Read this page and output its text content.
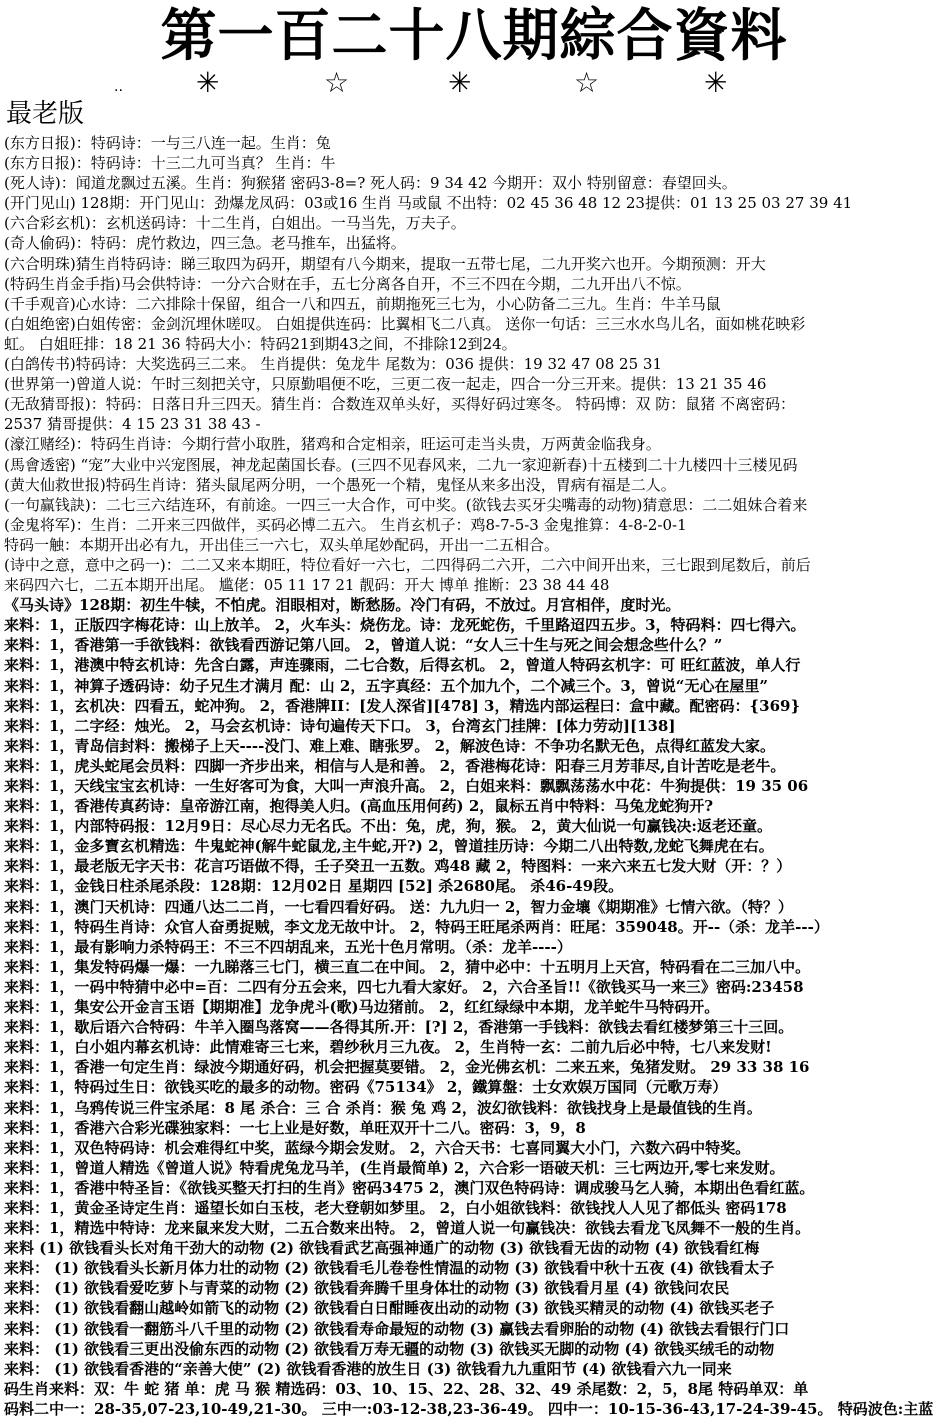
第一百二十八期綜合資料
..	✳	☆	✳	☆	✳
最老版
(东方日报)：特码诗：一与三八连一起。生肖：兔
(东方日报)：特码诗：十三二九可当真？ 生肖：牛
(死人诗)：闻道龙飘过五溪。生肖：狗猴猪 密码3-8=? 死人码：9 34 42 今期开：双小 特别留意：春望回头。
(开门见山) 128期：开门见山：劲爆龙凤码：03或16 生肖 马或鼠 不出特：02 45 36 48 12 23提供：01 13 25 03 27 39 41
(六合彩玄机)：玄机送码诗：十二生肖，白姐出。一马当先，万夫子。
(奇人偷码)：特码：虎竹救边，四三急。老马推车，出猛将。
(六合明珠)猜生肖特码诗：睇三取四为码开，期望有八今期来，提取一五带七尾，二九开奖六也开。今期预测：开大
(特码生肖金手指)马会供特诗：一分六合财在手，五七分离各自开，不三不四在今期，二九开出八不惊。
(千手观音)心水诗：二六排除十保留，组合一八和四五，前期拖死三七为，小心防备二三九。生肖：牛羊马鼠
(白姐绝密)白姐传密：金剑沉埋休嗟叹。 白姐提供连码：比翼相飞二八真。 送你一句话：三三水水鸟儿名，面如桃花映彩
虹。 白姐旺排：18 21 36 特码大小：特码21到期43之间，不排除12到24。
(白鸽传书)特码诗：大奖选码三二来。 生肖提供：兔龙牛 尾数为：036 提供：19 32 47 08 25 31
(世界第一)曾道人说：午时三刻把关守，只原勤唱便不吃，三更二夜一起走，四合一分三开来。提供：13 21 35 46
(无敌猜哥报)：特码：日落日升三四天。猜生肖：合数连双单头好，买得好码过寒冬。 特码博：双 防：鼠猪 不离密码：
2537 猜哥提供：4 15 23 31 38 43 -
(濠江赌经)：特码生肖诗：今期行营小取胜，猪鸡和合定相亲，旺运可走当头贵，万两黄金临我身。
(馬會透密) “宠”大业中兴宠图展，神龙起菌国长春。(三四不见春风来，二九一家迎新春)十五楼到二十九楼四十三楼见码
(黄大仙救世报)特码生肖诗：猪头鼠尾两分明，一个愚死一个精，鬼怪从来多出没，胃病有福是二人。
(一句赢钱訣)：二七三六结连环，有前途。一四三一大合作，可中奖。(欲钱去买牙尖嘴毒的动物)猜意思：二二姐妹合着来
(金鬼将军)：生肖：二开来三四做伴，买码必博二五六。 生肖玄机子：鸡8-7-5-3 金鬼推算：4-8-2-0-1
特码一触：本期开出必有九，开出佳三一六七，双头单尾妙配码，开出一二五相合。
(诗中之意，意中之码一)：二二又来本期旺，特位看好一六七，二四得码二六开，二六中间开出来，三七跟到尾数后，前后
来码四六七，二五本期开出尾。 尴佬：05 11 17 21 靓码：开大 博单 推断：23 38 44 48
《马头诗》128期：初生牛犊，不怕虎。泪眼相对，断愁肠。冷门有码，不放过。月宫相伴，度时光。
来料：1，正版四字梅花诗：山上放羊。 2，火车头：烧伤龙。诗：龙死蛇伤，千里路迢四五步。3，特码料：四七得六。
来料：1，香港第一手欲钱料：欲钱看西游记第八回。 2，曾道人说：“女人三十生与死之间会想念些什么？”
来料：1，港澳中特玄机诗：先含白露，声连骤雨，二七合数，后得玄机。 2，曾道人特码玄机字：可 旺红蓝波，单人行
来料：1，神算子透码诗：幼子兄生才满月 配：山 2，五字真经：五个加九个，二个减三个。3，曾说“无心在屋里”
来料：1，玄机决：四看五，蛇冲狗。 2，香港牌II：[发人深省][478] 3，精选内部运程曰：盒中藏。配密码：{369}
来料：1，二字经：烛光。 2，马会玄机诗：诗句遍传天下口。 3，台湾玄门挂牌：[体力劳动][138]
来料：1，青岛信封料：搬梯子上天----没门、难上难、瞎张罗。 2，解波色诗：不争功名默无色，点得红蓝发大家。
来料：1，虎头蛇尾会员料：四脚一齐步出来，相信与人是和善。 2，香港梅花诗：阳春三月芳菲尽,自计苦吃是老牛。
来料：1，天线宝宝玄机诗：一生好客可为食，大叫一声浪升高。 2，白姐来料：飘飘荡荡水中花：牛狗提供：19 35 06
来料：1，香港传真药诗：皇帝游江南，抱得美人归。(高血压用何药) 2，鼠标五肖中特料：马兔龙蛇狗开?
来料：1，内部特码报：12月9日：尽心尽力无名氏。不出：兔，虎，狗，猴。 2，黄大仙说一句赢钱决:返老还童。
来料：1，金多寶玄机精选：牛鬼蛇神(解牛蛇鼠龙,主牛蛇,开?) 2，曾道挂历诗：今期二八出特数,龙蛇飞舞虎在右。
来料：1，最老版无字天书：花言巧语做不得，壬子癸丑一五数。鸡48 藏 2，特图料：一来六来五七发大财（开：？）
来料：1，金钱日柱杀尾杀段：128期：12月02日 星期四 [52] 杀2680尾。 杀46-49段。
来料：1，澳门天机诗：四通八达二二肖，一七看四看好码。 送：九九归一 2，智力金壤《期期准》七情六欲。（特？）
来料：1，特码生肖诗：众官人奋勇捉贼，李文龙无故中计。 2，特码王旺尾杀两肖：旺尾：359048。开--（杀：龙羊---）
来料：1，最有影响力杀特码王：不三不四胡乱来，五光十色月常明。（杀：龙羊----）
来料：1，集发特码爆一爆：一九睇落三七门，横三直二在中间。 2，猜中必中：十五明月上天宫，特码看在二三加八中。
来料：1，一码中特猜中必中=百：二四有分五会来，四七九看大家好。 2，六合圣旨!!《欲钱买马一来三》密码:23458
来料：1，集安公开金言玉语【期期准】龙争虎斗(歌)马边猪前。 2，红红绿绿中本期，龙羊蛇牛马特码开。
来料：1，歇后语六合特码：牛羊入圈鸟落窝——各得其所.开：[?] 2，香港第一手钱料：欲钱去看红楼梦第三十三回。
来料：1，白小姐内幕玄机诗：此情难寄三七来，碧纱秋月三九夜。 2，生肖特一玄：二前九后必中特，七八来发财!
来料：1，香港一句定生肖：绿波今期通好码，机会把握莫要错。 2，金光佛玄机：二来五来，兔猪发财。 29 33 38 16
来料：1，特码过生日：欲钱买吃的最多的动物。密码《75134》 2，鐵算盤：士女欢娱万国同（元歌万寿）
来料：1，乌鸦传说三件宝杀尾：8 尾 杀合：三 合 杀肖：猴 兔 鸡 2，波幻欲钱料：欲钱找身上是最值钱的生肖。
来料：1，香港六合彩光碟独家料：一七上业是好数，单旺双开十二八。密码：3，9，8
来料：1，双色特码诗：机会难得红中奖，蓝绿今期会发财。 2，六合天书：七喜同翼大小门，六数六码中特奖。
来料：1，曾道人精选《曾道人说》特看虎兔龙马羊，(生肖最简单) 2，六合彩一语破天机：三七两边开,零七来发财。
来料：1，香港中特圣旨：《欲钱买整天打扫的生肖》密码3475 2，澳门双色特码诗：调成骏马乞人骑，本期出色看红蓝。
来料：1，黄金圣诗定生肖：遥望长如白玉枝，老大登朝如梦里。 2，白小姐欲钱料：欲钱找人人见了都低头 密码178
来料：1，精选中特诗：龙来鼠来发大财，二五合数来出特。 2，曾道人说一句赢钱决：欲钱去看龙飞凤舞不一般的生肖。
来料 (1) 欲钱看头长对角干劲大的动物 (2) 欲钱看武艺高强神通广的动物 (3) 欲钱看无齿的动物 (4) 欲钱看红梅
来料： (1) 欲钱看头长新月体力壮的动物 (2) 欲钱看毛儿卷卷性情温的动物 (3) 欲钱看中秋十五夜 (4) 欲钱看太子
来料： (1) 欲钱看爱吃萝卜与青菜的动物 (2) 欲钱看奔腾千里身体壮的动物 (3) 欲钱看月星 (4) 欲钱问农民
来料： (1) 欲钱看翻山越岭如箭飞的动物 (2) 欲钱看白日酣睡夜出动的动物 (3) 欲钱买精灵的动物 (4) 欲钱买老子
来料： (1) 欲钱看一翻筋斗八千里的动物 (2) 欲钱看寿命最短的动物 (3) 赢钱去看卵胎的动物 (4) 欲钱去看银行门口
来料： (1) 欲钱看三更出没偷东西的动物 (2) 欲钱看万寿无疆的动物 (3) 欲钱买无脚的动物 (4) 欲钱买绒毛的动物
来料： (1) 欲钱看香港的“亲善大使” (2) 欲钱看香港的放生日 (3) 欲钱看九九重阳节 (4) 欲钱看六九一同来
码生肖来料：双：牛 蛇 猪 单：虎 马 猴 精选码：03、10、15、22、28、32、49 杀尾数：2，5，8尾 特码单双：单
码料二中一：28-35,07-23,10-49,21-30。 三中一:03-12-38,23-36-49。 四中一：10-15-36-43,17-24-39-45。 特码波色:主蓝
